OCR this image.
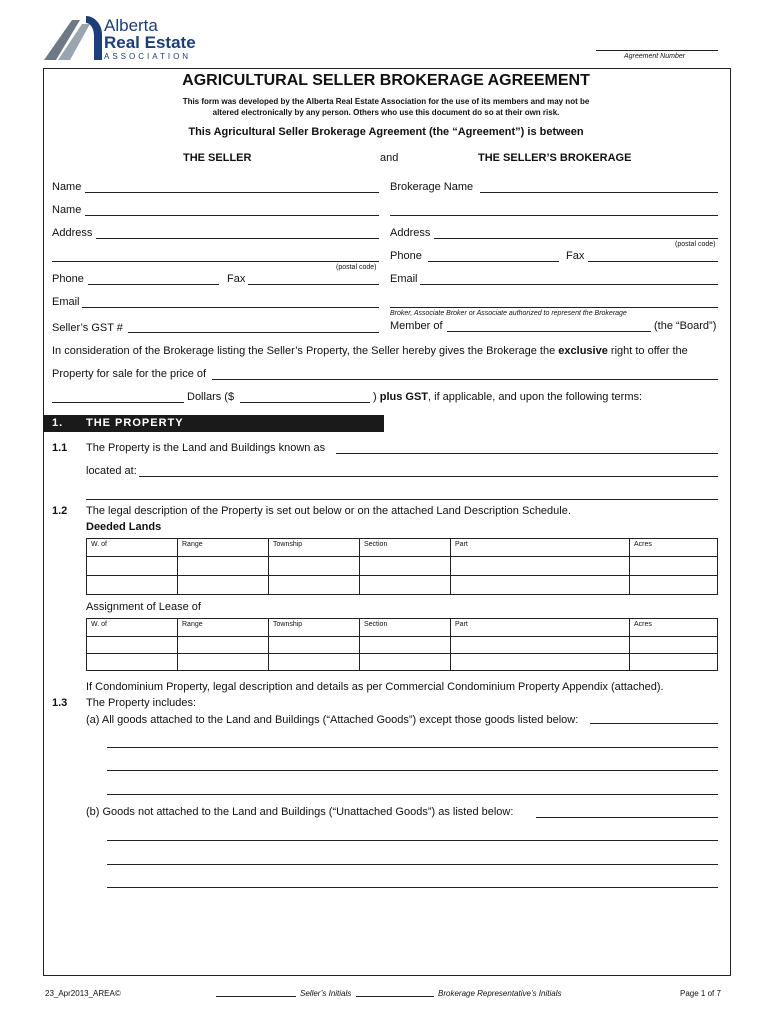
Alberta
Real Estate
ASSOCIATION	Agreement Number
AGRICULTURAL SELLER BROKERAGE AGREEMENT
This form was developed by the Alberta Real Estate Association for the use of its members and may not be
altered electronically by any person. Others who use this document do so at their own risk.
This Agricultural Seller Brokerage Agreement (the “Agreement”) is between
THE SELLER	and	THE SELLER’S BROKERAGE
Name
Name
Address
(postal code)
Phone	Fax
Email
Seller’s GST #
Brokerage Name
Address
(postal code)
Phone	Fax
Email
Broker, Associate Broker or Associate authorized to represent the Brokerage
Member of	(the “Board”)
In consideration of the Brokerage listing the Seller’s Property, the Seller hereby gives the Brokerage the exclusive right to offer the
Property for sale for the price of
Dollars ($	) plus GST, if applicable, and upon the following terms:
1. THE PROPERTY
1.1 The Property is the Land and Buildings known as
located at:
1.2 The legal description of the Property is set out below or on the attached Land Description Schedule.
Deeded Lands
W. of	Range	Township	Section	Part	Acres

Assignment of Lease of
W. of	Range	Township	Section	Part	Acres

If Condominium Property, legal description and details as per Commercial Condominium Property Appendix (attached).
1.3 The Property includes:
(a) All goods attached to the Land and Buildings (“Attached Goods”) except those goods listed below:
(b) Goods not attached to the Land and Buildings (“Unattached Goods”) as listed below:
23_Apr2013_AREA©	Seller’s Initials	Brokerage Representative’s Initials	Page 1 of 7
